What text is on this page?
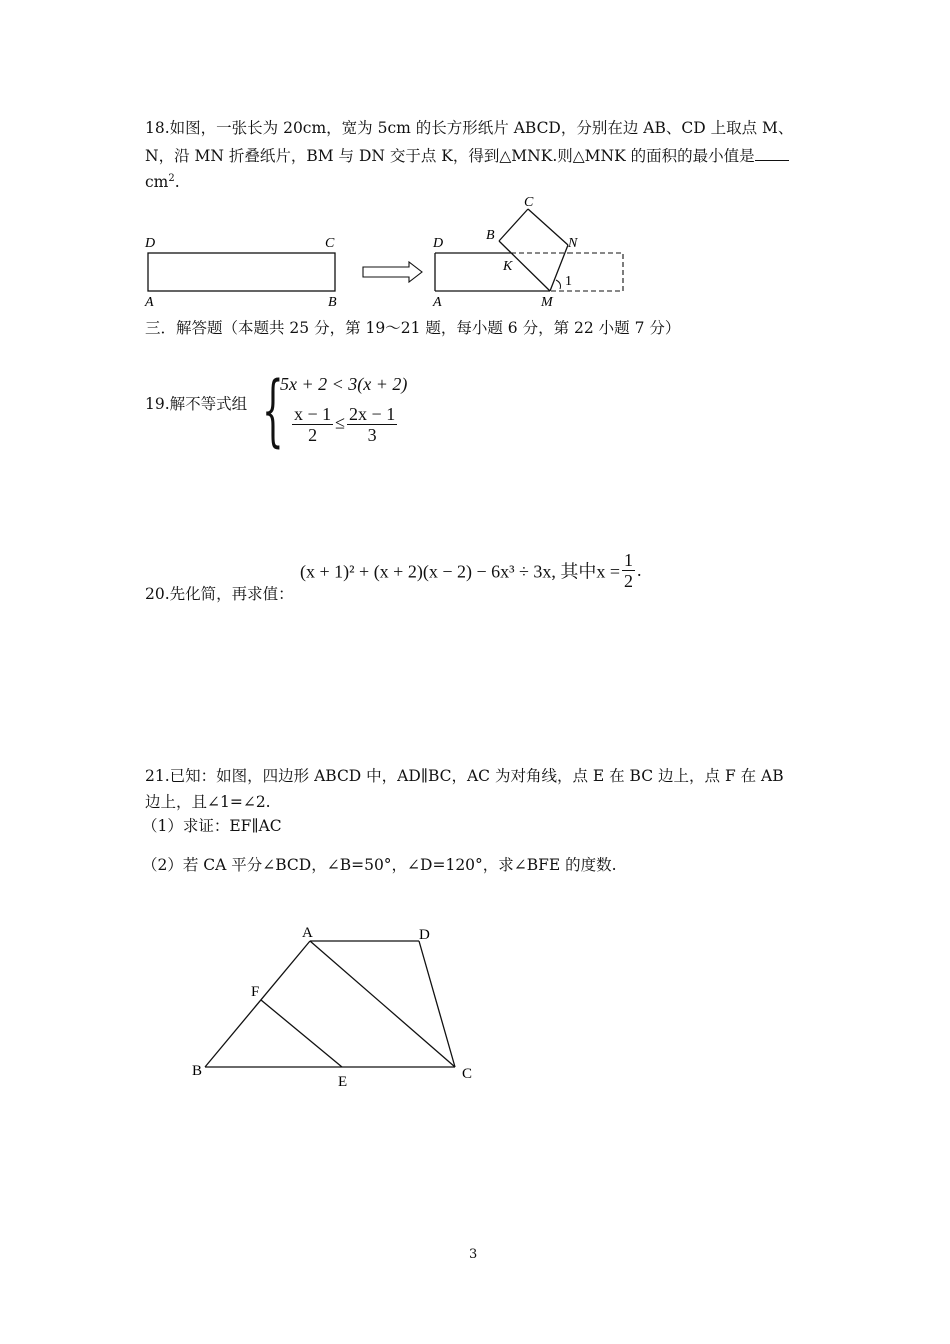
18.如图，一张长为 20cm，宽为 5cm 的长方形纸片 ABCD，分别在边 AB、CD 上取点 M、
N，沿 MN 折叠纸片，BM 与 DN 交于点 K，得到△MNK.则△MNK 的面积的最小值是
$cm^2$.
D	C
A	B
C
B
D	N
K
1
A	M
三．解答题（本题共 25 分，第 19～21 题，每小题 6 分，第 22 小题 7 分）
19.解不等式组 {
5x + 2 < 3(x + 2)
$\frac{x - 1}{2} \le \frac{2x - 1}{3}$
(x + 1)² + (x + 2)(x − 2) − 6x³ ÷ 3x, 其中$x = \frac{1}{2}$ .
20.先化简，再求值：
21.已知：如图，四边形 ABCD 中，AD∥BC，AC 为对角线，点 E 在 BC 边上，点 F 在 AB
边上，且∠1=∠2.
（1）求证：EF∥AC
（2）若 CA 平分∠BCD，∠B=50°，∠D=120°，求∠BFE 的度数.
A	D
F
B
E	C
3
